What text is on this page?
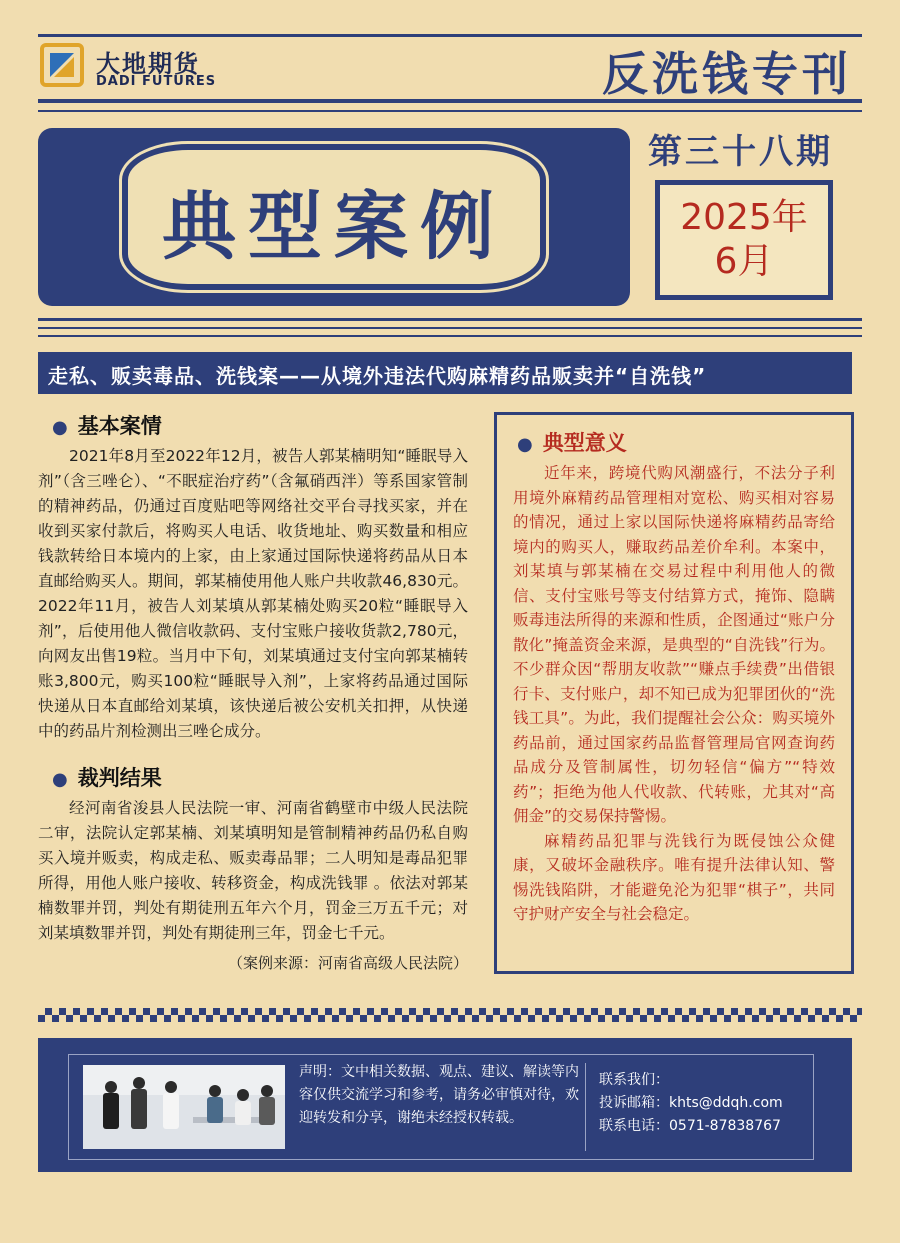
大地期货
DADI FUTURES	反洗钱专刊
典型案例
第三十八期
2025年
6月
走私、贩卖毒品、洗钱案——从境外违法代购麻精药品贩卖并“自洗钱”
● 基本案情

2021年8月至2022年12月，被告人郭某楠明知“睡眠导入剂”（含三唑仑）、“不眠症治疗药”（含氟硝西泮）等系国家管制的精神药品，仍通过百度贴吧等网络社交平台寻找买家，并在收到买家付款后，将购买人电话、收货地址、购买数量和相应钱款转给日本境内的上家，由上家通过国际快递将药品从日本直邮给购买人。期间，郭某楠使用他人账户共收款46,830元。2022年11月，被告人刘某填从郭某楠处购买20粒“睡眠导入剂”，后使用他人微信收款码、支付宝账户接收货款2,780元，向网友出售19粒。当月中下旬，刘某填通过支付宝向郭某楠转账3,800元，购买100粒“睡眠导入剂”，上家将药品通过国际快递从日本直邮给刘某填，该快递后被公安机关扣押，从快递中的药品片剂检测出三唑仑成分。

● 裁判结果

经河南省浚县人民法院一审、河南省鹤壁市中级人民法院二审，法院认定郭某楠、刘某填明知是管制精神药品仍私自购买入境并贩卖，构成走私、贩卖毒品罪；二人明知是毒品犯罪所得，用他人账户接收、转移资金，构成洗钱罪 。依法对郭某楠数罪并罚，判处有期徒刑五年六个月，罚金三万五千元；对刘某填数罪并罚，判处有期徒刑三年，罚金七千元。

（案例来源：河南省高级人民法院）
● 典型意义

近年来，跨境代购风潮盛行，不法分子利用境外麻精药品管理相对宽松、购买相对容易的情况，通过上家以国际快递将麻精药品寄给境内的购买人，赚取药品差价牟利。本案中，刘某填与郭某楠在交易过程中利用他人的微信、支付宝账号等支付结算方式，掩饰、隐瞒贩毒违法所得的来源和性质，企图通过“账户分散化”掩盖资金来源，是典型的“自洗钱”行为。不少群众因“帮朋友收款”“赚点手续费”出借银行卡、支付账户，却不知已成为犯罪团伙的“洗钱工具”。为此，我们提醒社会公众：购买境外药品前，通过国家药品监督管理局官网查询药品成分及管制属性，切勿轻信“偏方”“特效药”；拒绝为他人代收款、代转账，尤其对“高佣金”的交易保持警惕。

麻精药品犯罪与洗钱行为既侵蚀公众健康，又破坏金融秩序。唯有提升法律认知、警惕洗钱陷阱，才能避免沦为犯罪“棋子”，共同守护财产安全与社会稳定。

声明：文中相关数据、观点、建议、解读等内容仅供交流学习和参考，请务必审慎对待，欢迎转发和分享，谢绝未经授权转载。
联系我们：
投诉邮箱：khts@ddqh.com
联系电话：0571-87838767
